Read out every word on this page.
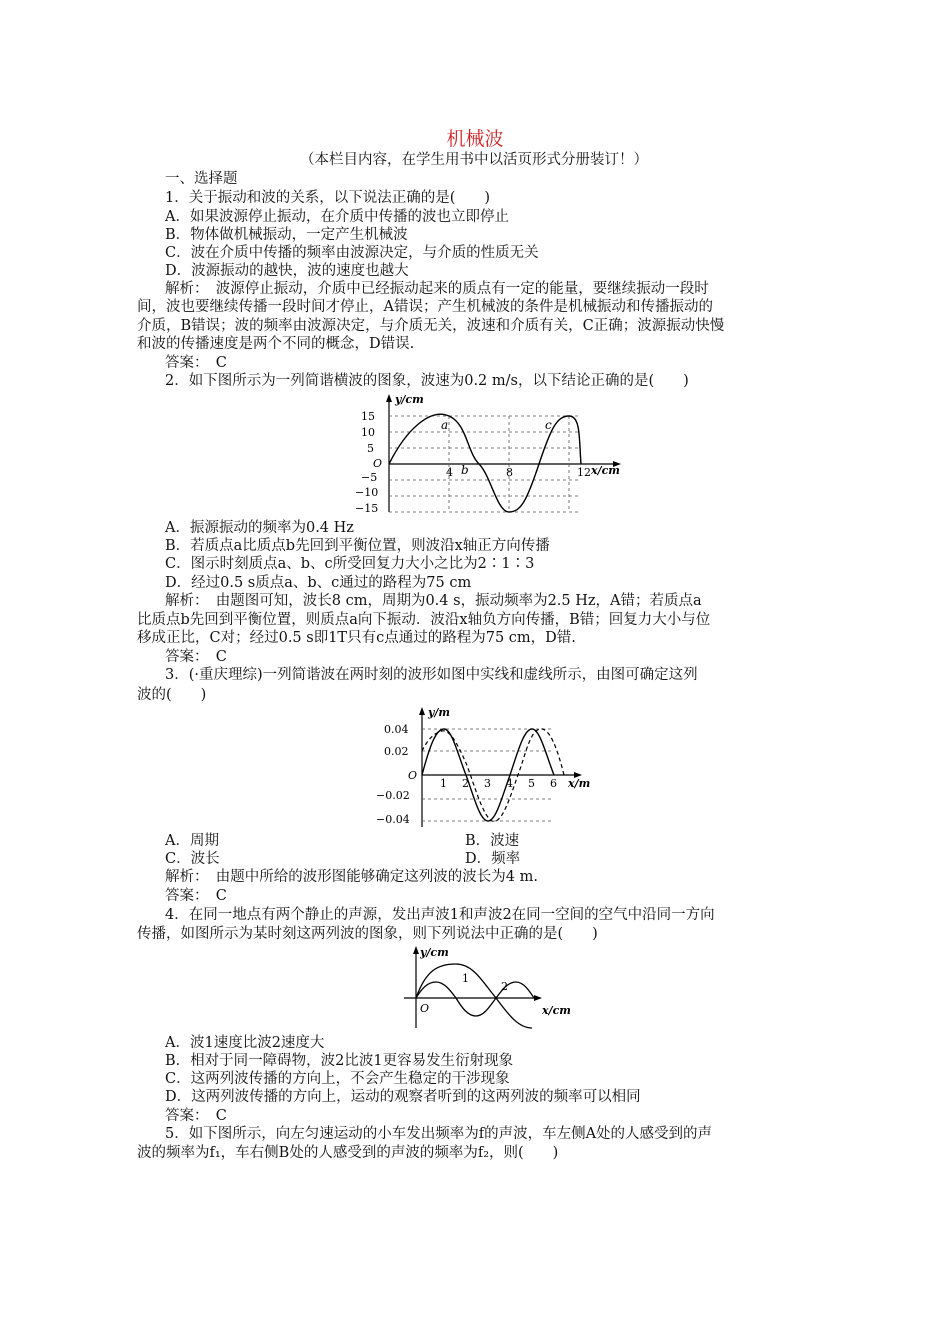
机械波
（本栏目内容，在学生用书中以活页形式分册装订！）
一、选择题
1．关于振动和波的关系，以下说法正确的是(　　)
A．如果波源停止振动，在介质中传播的波也立即停止
B．物体做机械振动，一定产生机械波
C．波在介质中传播的频率由波源决定，与介质的性质无关
D．波源振动的越快，波的速度也越大
解析：　波源停止振动，介质中已经振动起来的质点有一定的能量，要继续振动一段时
间，波也要继续传播一段时间才停止，A错误；产生机械波的条件是机械振动和传播振动的
介质，B错误；波的频率由波源决定，与介质无关，波速和介质有关，C正确；波源振动快慢
和波的传播速度是两个不同的概念，D错误.
答案：　C
2．如下图所示为一列简谐横波的图象，波速为0.2 m/s，以下结论正确的是(　　)
y/cm
15
10
5
O
−5
−10
−15
a
b
c
4	8	12 x/cm
A．振源振动的频率为0.4 Hz
B．若质点a比质点b先回到平衡位置，则波沿x轴正方向传播
C．图示时刻质点a、b、c所受回复力大小之比为2∶1∶3
D．经过0.5 s质点a、b、c通过的路程为75 cm
解析：　由题图可知，波长8 cm，周期为0.4 s，振动频率为2.5 Hz，A错；若质点a
比质点b先回到平衡位置，则质点a向下振动．波沿x轴负方向传播，B错；回复力大小与位
移成正比，C对；经过0.5 s即1T只有c点通过的路程为75 cm，D错.
答案：　C
3．(·重庆理综)一列简谐波在两时刻的波形如图中实线和虚线所示，由图可确定这列
波的(　　)
y/m
0.04
0.02
O
−0.02
−0.04
1 2 3 4 5 6 x/m
A．周期	B．波速
C．波长	D．频率
解析：　由题中所给的波形图能够确定这列波的波长为4 m.
答案：　C
4．在同一地点有两个静止的声源，发出声波1和声波2在同一空间的空气中沿同一方向
传播，如图所示为某时刻这两列波的图象，则下列说法中正确的是(　　)
y/cm
1
2
O	x/cm
A．波1速度比波2速度大
B．相对于同一障碍物，波2比波1更容易发生衍射现象
C．这两列波传播的方向上，不会产生稳定的干涉现象
D．这两列波传播的方向上，运动的观察者听到的这两列波的频率可以相同
答案：　C
5．如下图所示，向左匀速运动的小车发出频率为f的声波，车左侧A处的人感受到的声
波的频率为f₁，车右侧B处的人感受到的声波的频率为f₂，则(　　)
